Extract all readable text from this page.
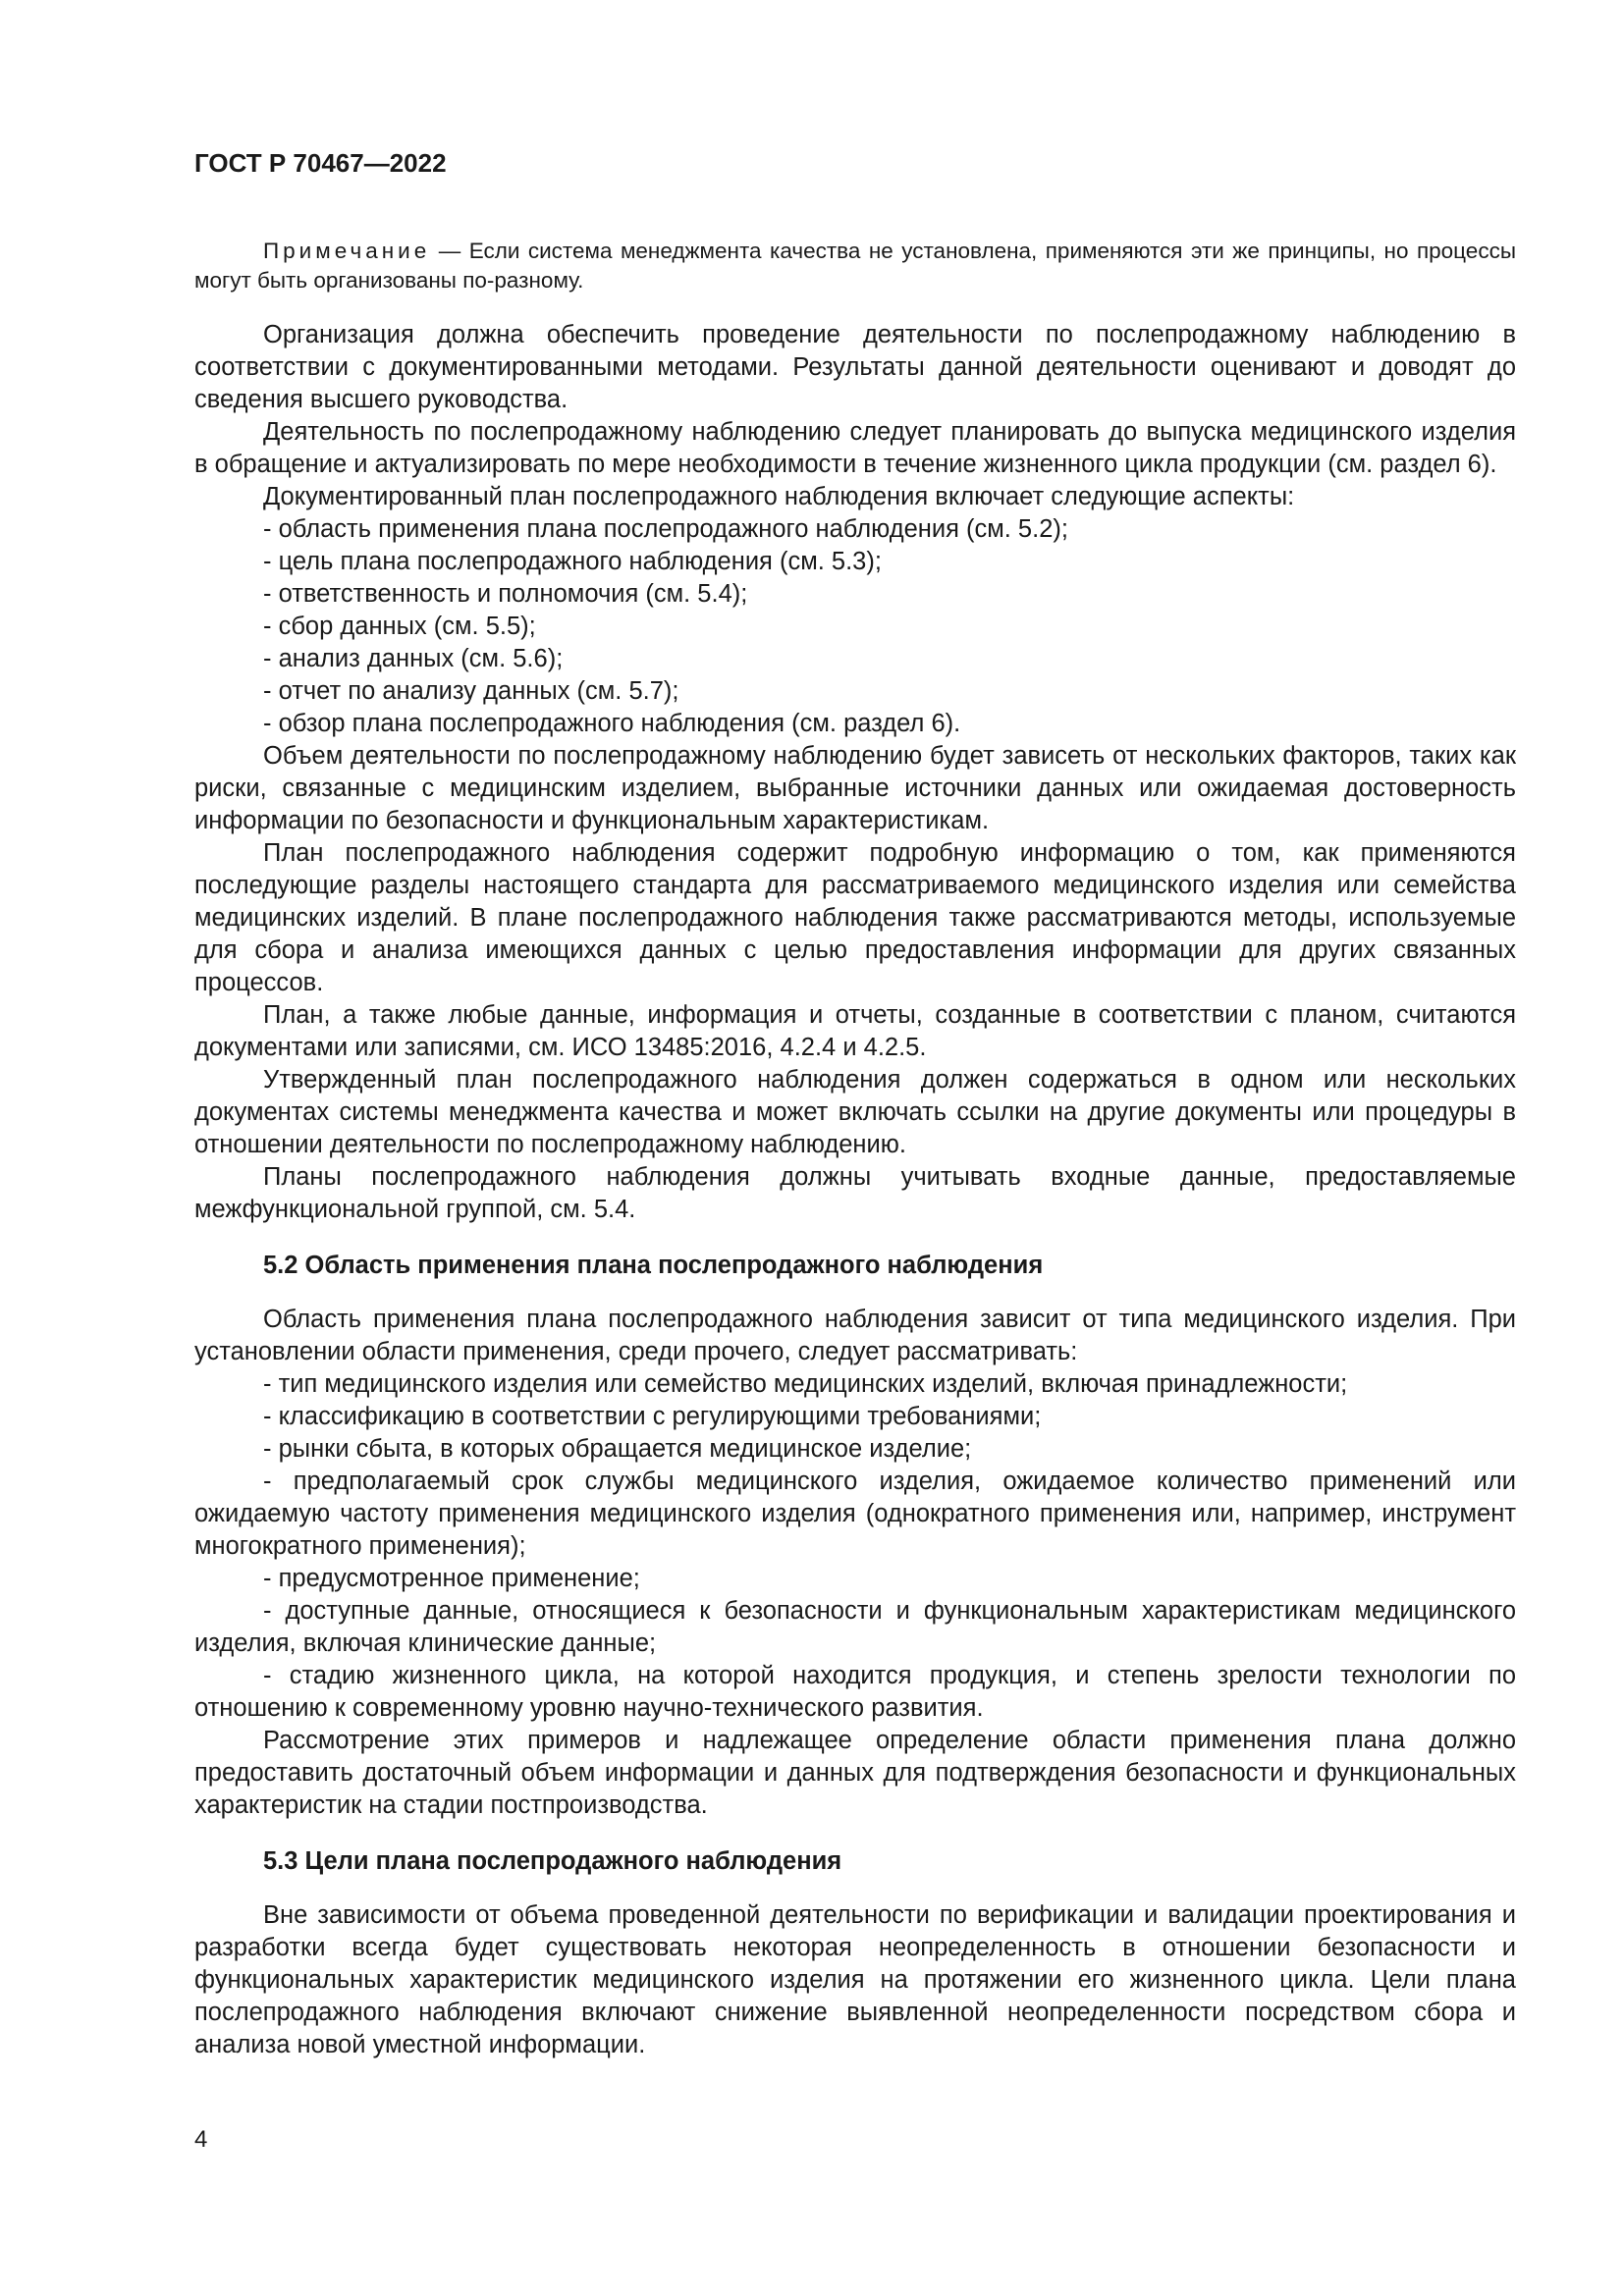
ГОСТ Р 70467—2022

Примечание — Если система менеджмента качества не установлена, применяются эти же принципы, но процессы могут быть организованы по-разному.

Организация должна обеспечить проведение деятельности по послепродажному наблюдению в соответствии с документированными методами. Результаты данной деятельности оценивают и доводят до сведения высшего руководства.

Деятельность по послепродажному наблюдению следует планировать до выпуска медицинского изделия в обращение и актуализировать по мере необходимости в течение жизненного цикла продукции (см. раздел 6).

Документированный план послепродажного наблюдения включает следующие аспекты:

- область применения плана послепродажного наблюдения (см. 5.2);

- цель плана послепродажного наблюдения (см. 5.3);

- ответственность и полномочия (см. 5.4);

- сбор данных (см. 5.5);

- анализ данных (см. 5.6);

- отчет по анализу данных (см. 5.7);

- обзор плана послепродажного наблюдения (см. раздел 6).

Объем деятельности по послепродажному наблюдению будет зависеть от нескольких факторов, таких как риски, связанные с медицинским изделием, выбранные источники данных или ожидаемая достоверность информации по безопасности и функциональным характеристикам.

План послепродажного наблюдения содержит подробную информацию о том, как применяются последующие разделы настоящего стандарта для рассматриваемого медицинского изделия или семейства медицинских изделий. В плане послепродажного наблюдения также рассматриваются методы, используемые для сбора и анализа имеющихся данных с целью предоставления информации для других связанных процессов.

План, а также любые данные, информация и отчеты, созданные в соответствии с планом, считаются документами или записями, см. ИСО 13485:2016, 4.2.4 и 4.2.5.

Утвержденный план послепродажного наблюдения должен содержаться в одном или нескольких документах системы менеджмента качества и может включать ссылки на другие документы или процедуры в отношении деятельности по послепродажному наблюдению.

Планы послепродажного наблюдения должны учитывать входные данные, предоставляемые межфункциональной группой, см. 5.4.

5.2 Область применения плана послепродажного наблюдения

Область применения плана послепродажного наблюдения зависит от типа медицинского изделия. При установлении области применения, среди прочего, следует рассматривать:

- тип медицинского изделия или семейство медицинских изделий, включая принадлежности;

- классификацию в соответствии с регулирующими требованиями;

- рынки сбыта, в которых обращается медицинское изделие;

- предполагаемый срок службы медицинского изделия, ожидаемое количество применений или ожидаемую частоту применения медицинского изделия (однократного применения или, например, инструмент многократного применения);

- предусмотренное применение;

- доступные данные, относящиеся к безопасности и функциональным характеристикам медицинского изделия, включая клинические данные;

- стадию жизненного цикла, на которой находится продукция, и степень зрелости технологии по отношению к современному уровню научно-технического развития.

Рассмотрение этих примеров и надлежащее определение области применения плана должно предоставить достаточный объем информации и данных для подтверждения безопасности и функциональных характеристик на стадии постпроизводства.

5.3 Цели плана послепродажного наблюдения

Вне зависимости от объема проведенной деятельности по верификации и валидации проектирования и разработки всегда будет существовать некоторая неопределенность в отношении безопасности и функциональных характеристик медицинского изделия на протяжении его жизненного цикла. Цели плана послепродажного наблюдения включают снижение выявленной неопределенности посредством сбора и анализа новой уместной информации.

4
